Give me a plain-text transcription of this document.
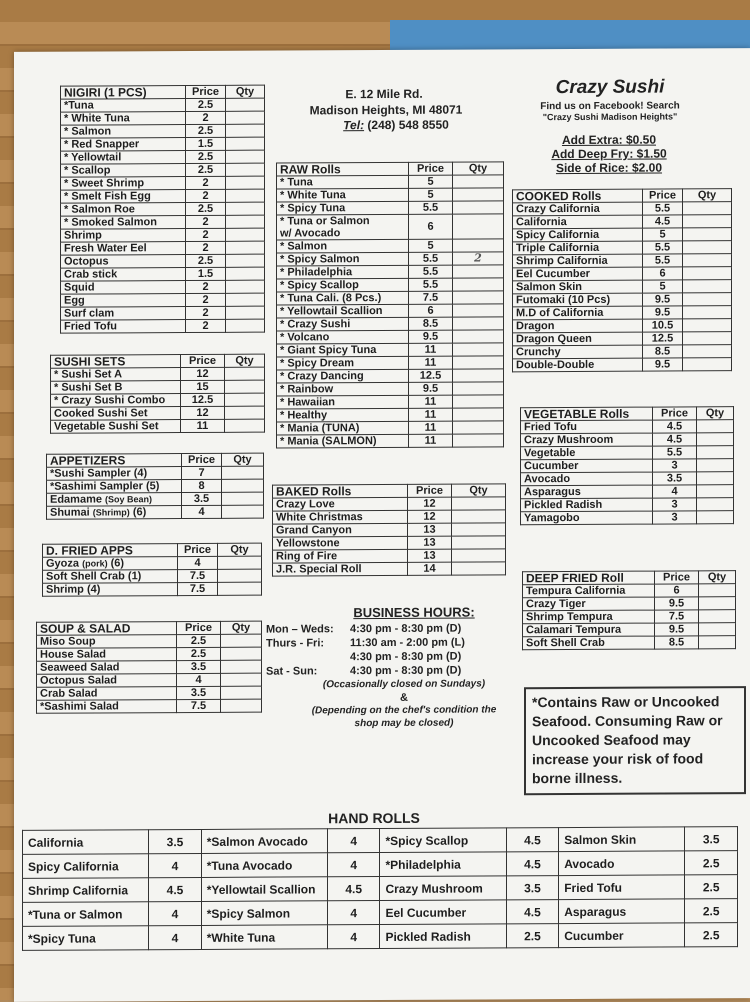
E. 12 Mile Rd.
Madison Heights, MI 48071
Tel: (248) 548 8550
Crazy Sushi
Find us on Facebook! Search
"Crazy Sushi Madison Heights"
Add Extra: $0.50
Add Deep Fry: $1.50
Side of Rice: $2.00
NIGIRI (1 PCS)	Price	Qty
*Tuna	2.5	
* White Tuna	2	
* Salmon	2.5	
* Red Snapper	1.5	
* Yellowtail	2.5	
* Scallop	2.5	
* Sweet Shrimp	2	
* Smelt Fish Egg	2	
* Salmon Roe	2.5	
* Smoked Salmon	2	
Shrimp	2	
Fresh Water Eel	2	
Octopus	2.5	
Crab stick	1.5	
Squid	2	
Egg	2	
Surf clam	2	
Fried Tofu	2	
SUSHI SETS	Price	Qty
* Sushi Set A	12	
* Sushi Set B	15	
* Crazy Sushi Combo	12.5	
Cooked Sushi Set	12	
Vegetable Sushi Set	11	
APPETIZERS	Price	Qty
*Sushi Sampler (4)	7	
*Sashimi Sampler (5)	8	
Edamame (Soy Bean)	3.5	
Shumai (Shrimp) (6)	4	
D. FRIED APPS	Price	Qty
Gyoza (pork) (6)	4	
Soft Shell Crab (1)	7.5	
Shrimp (4)	7.5	
SOUP & SALAD	Price	Qty
Miso Soup	2.5	
House Salad	2.5	
Seaweed Salad	3.5	
Octopus Salad	4	
Crab Salad	3.5	
*Sashimi Salad	7.5	
RAW Rolls	Price	Qty
* Tuna	5	
* White Tuna	5	
* Spicy Tuna	5.5	
* Tuna or Salmon
w/ Avocado	6	
* Salmon	5	
* Spicy Salmon	5.5	2
* Philadelphia	5.5	
* Spicy Scallop	5.5	
* Tuna Cali. (8 Pcs.)	7.5	
* Yellowtail Scallion	6	
* Crazy Sushi	8.5	
* Volcano	9.5	
* Giant Spicy Tuna	11	
* Spicy Dream	11	
* Crazy Dancing	12.5	
* Rainbow	9.5	
* Hawaiian	11	
* Healthy	11	
* Mania (TUNA)	11	
* Mania (SALMON)	11	
BAKED Rolls	Price	Qty
Crazy Love	12	
White Christmas	12	
Grand Canyon	13	
Yellowstone	13	
Ring of Fire	13	
J.R. Special Roll	14	
BUSINESS HOURS:
Mon – Weds:	4:30 pm - 8:30 pm (D)
Thurs - Fri:	11:30 am - 2:00 pm (L)
4:30 pm - 8:30 pm (D)
Sat - Sun:	4:30 pm - 8:30 pm (D)
(Occasionally closed on Sundays)
&
(Depending on the chef's condition the
shop may be closed)
COOKED Rolls	Price	Qty
Crazy California	5.5	
California	4.5	
Spicy California	5	
Triple California	5.5	
Shrimp California	5.5	
Eel Cucumber	6	
Salmon Skin	5	
Futomaki (10 Pcs)	9.5	
M.D of California	9.5	
Dragon	10.5	
Dragon Queen	12.5	
Crunchy	8.5	
Double-Double	9.5	
VEGETABLE Rolls	Price	Qty
Fried Tofu	4.5	
Crazy Mushroom	4.5	
Vegetable	5.5	
Cucumber	3	
Avocado	3.5	
Asparagus	4	
Pickled Radish	3	
Yamagobo	3	
DEEP FRIED Roll	Price	Qty
Tempura California	6	
Crazy Tiger	9.5	
Shrimp Tempura	7.5	
Calamari Tempura	9.5	
Soft Shell Crab	8.5	
*Contains Raw or Uncooked Seafood. Consuming Raw or Uncooked Seafood may increase your risk of food borne illness.
HAND ROLLS
California	3.5	*Salmon Avocado	4	*Spicy Scallop	4.5	Salmon Skin	3.5
Spicy California	4	*Tuna Avocado	4	*Philadelphia	4.5	Avocado	2.5
Shrimp California	4.5	*Yellowtail Scallion	4.5	Crazy Mushroom	3.5	Fried Tofu	2.5
*Tuna or Salmon	4	*Spicy Salmon	4	Eel Cucumber	4.5	Asparagus	2.5
*Spicy Tuna	4	*White Tuna	4	Pickled Radish	2.5	Cucumber	2.5
